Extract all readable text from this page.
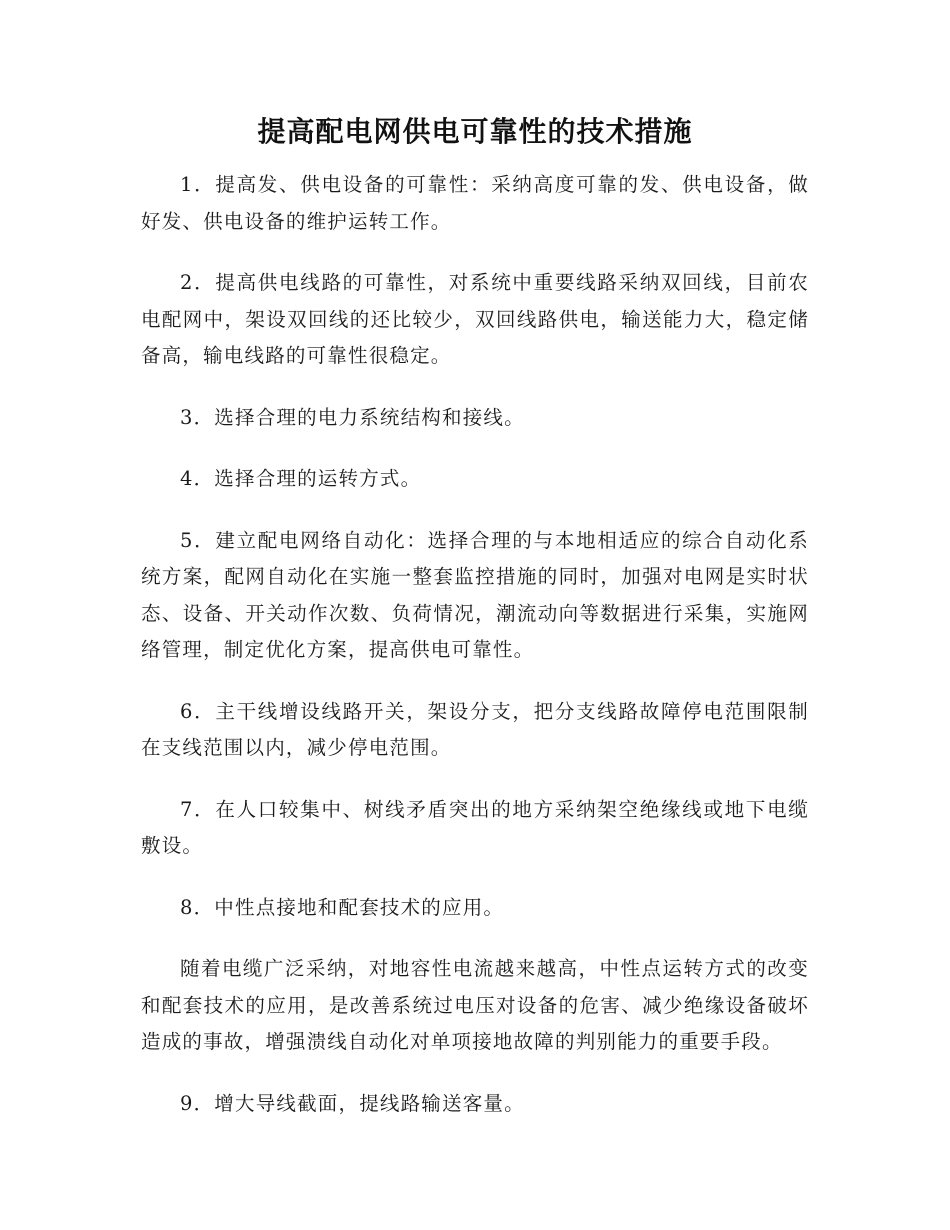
提高配电网供电可靠性的技术措施

1．提高发、供电设备的可靠性：采纳高度可靠的发、供电设备，做好发、供电设备的维护运转工作。

2．提高供电线路的可靠性，对系统中重要线路采纳双回线，目前农电配网中，架设双回线的还比较少，双回线路供电，输送能力大，稳定储备高，输电线路的可靠性很稳定。

3．选择合理的电力系统结构和接线。

4．选择合理的运转方式。

5．建立配电网络自动化：选择合理的与本地相适应的综合自动化系统方案，配网自动化在实施一整套监控措施的同时，加强对电网是实时状态、设备、开关动作次数、负荷情况，潮流动向等数据进行采集，实施网络管理，制定优化方案，提高供电可靠性。

6．主干线增设线路开关，架设分支，把分支线路故障停电范围限制在支线范围以内，减少停电范围。

7．在人口较集中、树线矛盾突出的地方采纳架空绝缘线或地下电缆敷设。

8．中性点接地和配套技术的应用。

随着电缆广泛采纳，对地容性电流越来越高，中性点运转方式的改变和配套技术的应用，是改善系统过电压对设备的危害、减少绝缘设备破坏造成的事故，增强溃线自动化对单项接地故障的判别能力的重要手段。

9．增大导线截面，提线路输送客量。
